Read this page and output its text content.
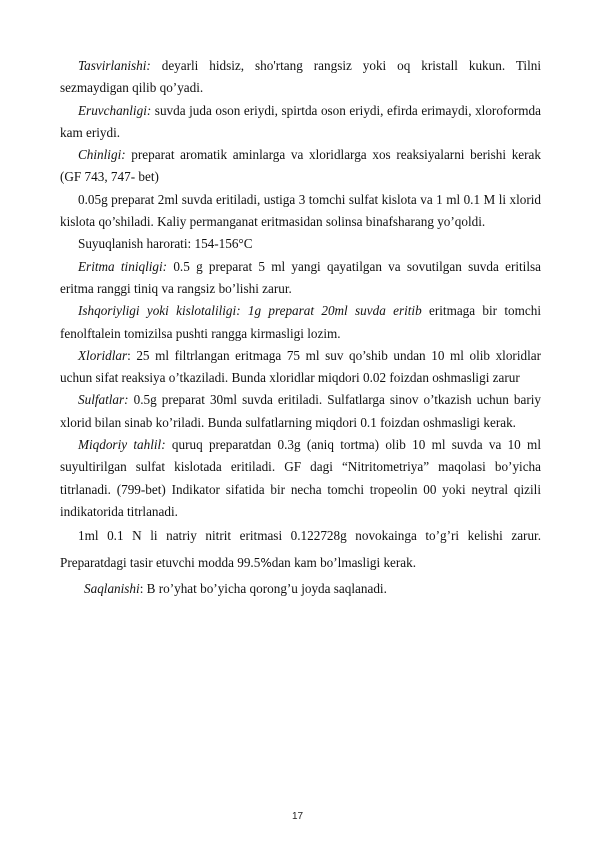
Tasvirlanishi: deyarli hidsiz, sho'rtang rangsiz yoki oq kristall kukun. Tilni sezmaydigan qilib qo’yadi.

Eruvchanligi: suvda juda oson eriydi, spirtda oson eriydi, efirda erimaydi, xloroformda kam eriydi.

Chinligi: preparat aromatik aminlarga va xloridlarga xos reaksiyalarni berishi kerak (GF 743, 747- bet)

0.05g preparat 2ml suvda eritiladi, ustiga 3 tomchi sulfat kislota va 1 ml 0.1 M li xlorid kislota qo’shiladi. Kaliy permanganat eritmasidan solinsa binafsharang yo’qoldi.

Suyuqlanish harorati: 154-156°C

Eritma tiniqligi: 0.5 g preparat 5 ml yangi qayatilgan va sovutilgan suvda eritilsa eritma ranggi tiniq va rangsiz bo’lishi zarur.

Ishqoriyligi yoki kislotaliligi: 1g preparat 20ml suvda eritib eritmaga bir tomchi fenolftalein tomizilsa pushti rangga kirmasligi lozim.

Xloridlar: 25 ml filtrlangan eritmaga 75 ml suv qo’shib undan 10 ml olib xloridlar uchun sifat reaksiya o’tkaziladi. Bunda xloridlar miqdori 0.02 foizdan oshmasligi zarur

Sulfatlar: 0.5g preparat 30ml suvda eritiladi. Sulfatlarga sinov o’tkazish uchun bariy xlorid bilan sinab ko’riladi. Bunda sulfatlarning miqdori 0.1 foizdan oshmasligi kerak.

Miqdoriy tahlil: quruq preparatdan 0.3g (aniq tortma) olib 10 ml suvda va 10 ml suyultirilgan sulfat kislotada eritiladi. GF dagi “Nitritometriya” maqolasi bo’yicha titrlanadi. (799-bet) Indikator sifatida bir necha tomchi tropeolin 00 yoki neytral qizili indikatorida titrlanadi.

1ml 0.1 N li natriy nitrit eritmasi 0.122728g novokainga to’g’ri kelishi zarur.

Preparatdagi tasir etuvchi modda 99.5%dan kam bo’lmasligi kerak.

Saqlanishi: B ro’yhat bo’yicha qorong’u joyda saqlanadi.

17
